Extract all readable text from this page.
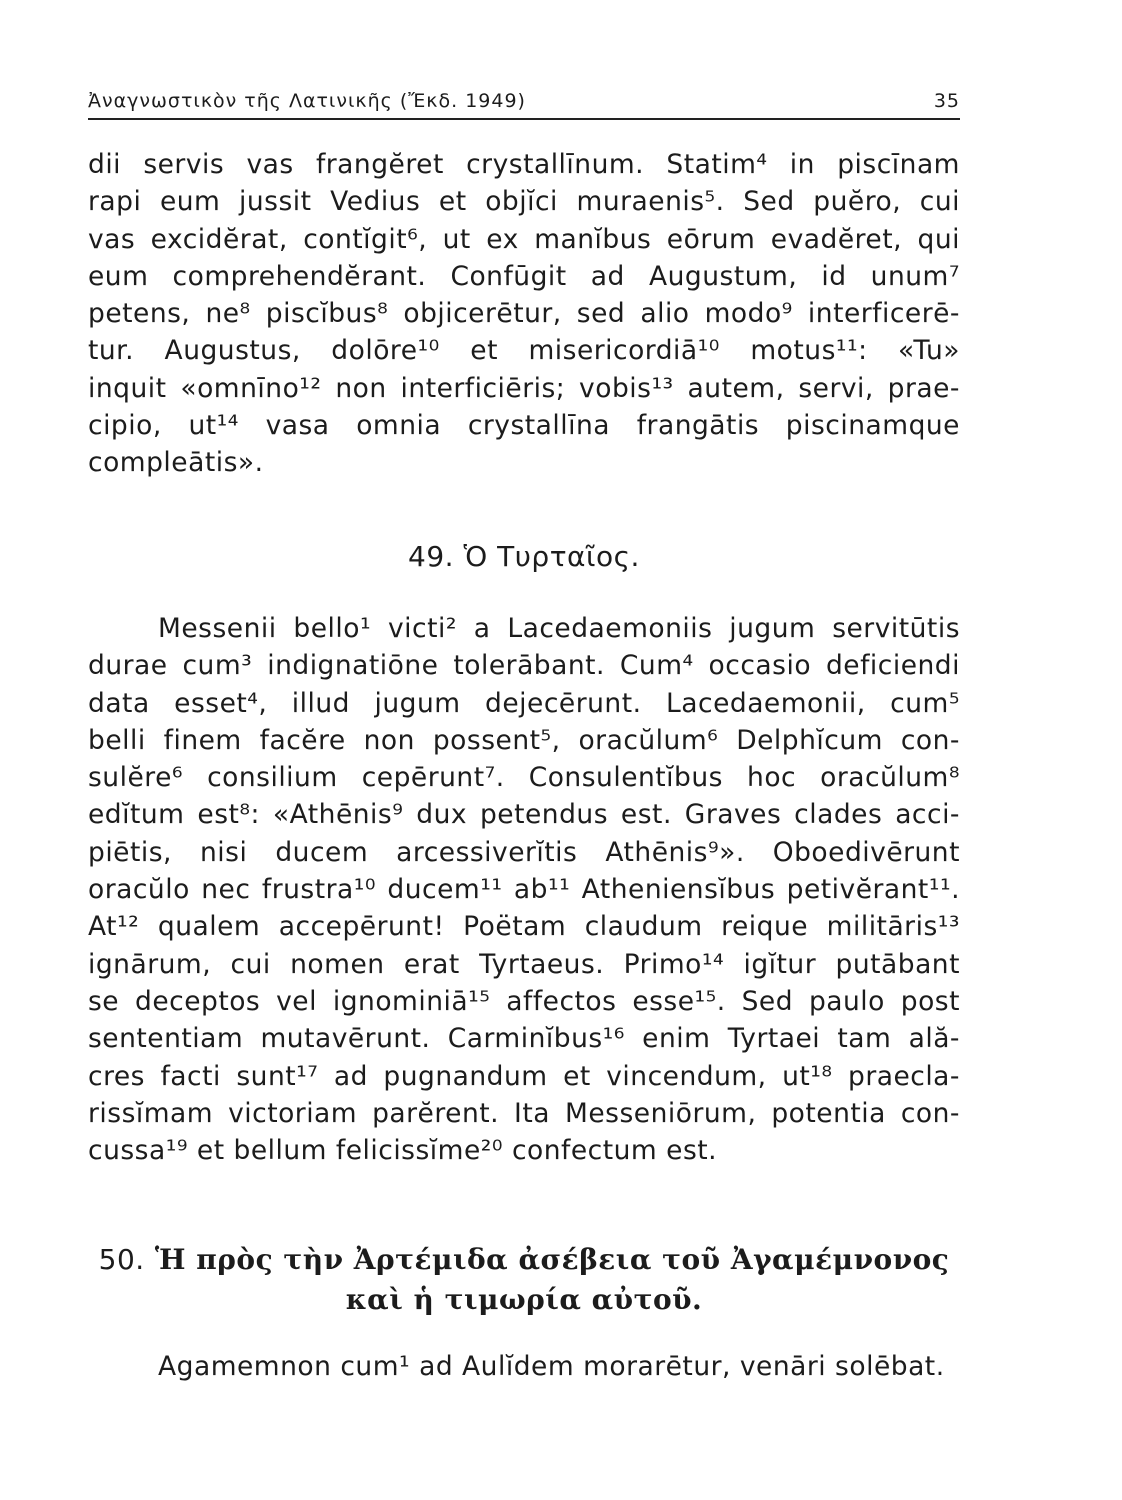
Ἀναγνωστικὸν τῆς Λατινικῆς (Ἔκδ. 1949)	35
dii servis vas frangĕret crystallīnum. Statim⁴ in piscīnam
rapi eum jussit Vedius et objĭci muraenis⁵. Sed puĕro, cui
vas excidĕrat, contĭgit⁶, ut ex manĭbus eōrum evadĕret, qui
eum comprehendĕrant. Confūgit ad Augustum, id unum⁷
petens, ne⁸ piscĭbus⁸ objicerētur, sed alio modo⁹ interficerē-
tur. Augustus, dolōre¹⁰ et misericordiā¹⁰ motus¹¹: «Tu»
inquit «omnīno¹² non interficiēris; vobis¹³ autem, servi, prae-
cipio, ut¹⁴ vasa omnia crystallīna frangātis piscinamque
compleātis».
49. Ὁ Τυρταῖος.
Messenii bello¹ victi² a Lacedaemoniis jugum servitūtis
durae cum³ indignatiōne tolerābant. Cum⁴ occasio deficiendi
data esset⁴, illud jugum dejecērunt. Lacedaemonii, cum⁵
belli finem facĕre non possent⁵, oracŭlum⁶ Delphĭcum con-
sulĕre⁶ consilium cepērunt⁷. Consulentĭbus hoc oracŭlum⁸
edĭtum est⁸: «Athēnis⁹ dux petendus est. Graves clades acci-
piētis, nisi ducem arcessiverĭtis Athēnis⁹». Oboedivērunt
oracŭlo nec frustra¹⁰ ducem¹¹ ab¹¹ Atheniensĭbus petivĕrant¹¹.
At¹² qualem accepērunt! Poëtam claudum reique militāris¹³
ignārum, cui nomen erat Tyrtaeus. Primo¹⁴ igĭtur putābant
se deceptos vel ignominiā¹⁵ affectos esse¹⁵. Sed paulo post
sententiam mutavērunt. Carminĭbus¹⁶ enim Tyrtaei tam ală-
cres facti sunt¹⁷ ad pugnandum et vincendum, ut¹⁸ praecla-
rissĭmam victoriam parĕrent. Ita Messeniōrum, potentia con-
cussa¹⁹ et bellum felicissĭme²⁰ confectum est.
50. Ἡ πρὸς τὴν Ἀρτέμιδα ἀσέβεια τοῦ Ἀγαμέμνονος
καὶ ἡ τιμωρία αὐτοῦ.
Agamemnon cum¹ ad Aulĭdem morarētur, venāri solēbat.
